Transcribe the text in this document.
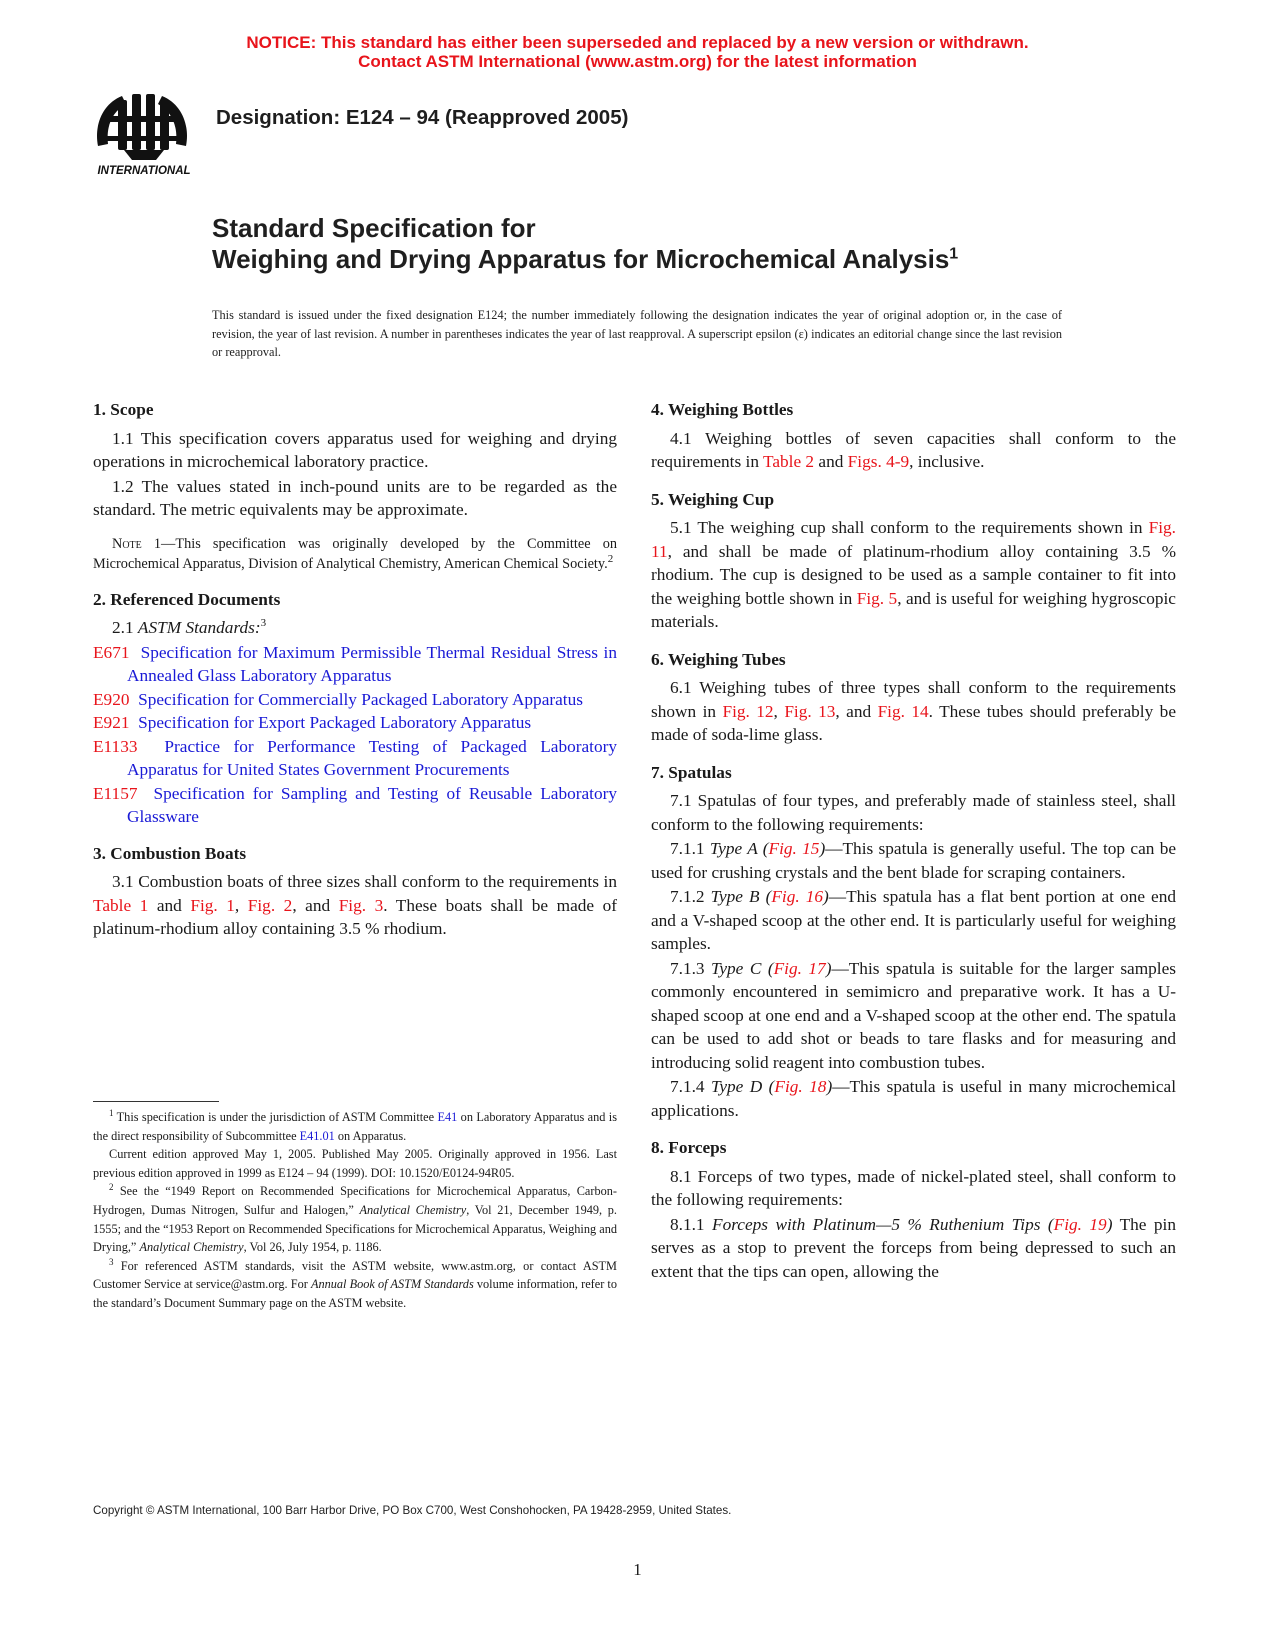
NOTICE: This standard has either been superseded and replaced by a new version or withdrawn.
Contact ASTM International (www.astm.org) for the latest information
INTERNATIONAL
Designation: E124 – 94 (Reapproved 2005)
Standard Specification for
Weighing and Drying Apparatus for Microchemical Analysis$^1$
This standard is issued under the fixed designation E124; the number immediately following the designation indicates the year of original adoption or, in the case of revision, the year of last revision. A number in parentheses indicates the year of last reapproval. A superscript epsilon (ε) indicates an editorial change since the last revision or reapproval.
1. Scope
1.1 This specification covers apparatus used for weighing and drying operations in microchemical laboratory practice.
1.2 The values stated in inch-pound units are to be regarded as the standard. The metric equivalents may be approximate.
Note 1—This specification was originally developed by the Committee on Microchemical Apparatus, Division of Analytical Chemistry, American Chemical Society.$^2$
2. Referenced Documents
2.1 ASTM Standards:$^3$
E671 Specification for Maximum Permissible Thermal Residual Stress in Annealed Glass Laboratory Apparatus
E920 Specification for Commercially Packaged Laboratory Apparatus
E921 Specification for Export Packaged Laboratory Apparatus
E1133 Practice for Performance Testing of Packaged Laboratory Apparatus for United States Government Procurements
E1157 Specification for Sampling and Testing of Reusable Laboratory Glassware
3. Combustion Boats
3.1 Combustion boats of three sizes shall conform to the requirements in Table 1 and Fig. 1, Fig. 2, and Fig. 3. These boats shall be made of platinum-rhodium alloy containing 3.5 % rhodium.
4. Weighing Bottles
4.1 Weighing bottles of seven capacities shall conform to the requirements in Table 2 and Figs. 4-9, inclusive.
5. Weighing Cup
5.1 The weighing cup shall conform to the requirements shown in Fig. 11, and shall be made of platinum-rhodium alloy containing 3.5 % rhodium. The cup is designed to be used as a sample container to fit into the weighing bottle shown in Fig. 5, and is useful for weighing hygroscopic materials.
6. Weighing Tubes
6.1 Weighing tubes of three types shall conform to the requirements shown in Fig. 12, Fig. 13, and Fig. 14. These tubes should preferably be made of soda-lime glass.
7. Spatulas
7.1 Spatulas of four types, and preferably made of stainless steel, shall conform to the following requirements:
7.1.1 Type A (Fig. 15)—This spatula is generally useful. The top can be used for crushing crystals and the bent blade for scraping containers.
7.1.2 Type B (Fig. 16)—This spatula has a flat bent portion at one end and a V-shaped scoop at the other end. It is particularly useful for weighing samples.
7.1.3 Type C (Fig. 17)—This spatula is suitable for the larger samples commonly encountered in semimicro and preparative work. It has a U-shaped scoop at one end and a V-shaped scoop at the other end. The spatula can be used to add shot or beads to tare flasks and for measuring and introducing solid reagent into combustion tubes.
7.1.4 Type D (Fig. 18)—This spatula is useful in many microchemical applications.
8. Forceps
8.1 Forceps of two types, made of nickel-plated steel, shall conform to the following requirements:
8.1.1 Forceps with Platinum—5 % Ruthenium Tips (Fig. 19) The pin serves as a stop to prevent the forceps from being depressed to such an extent that the tips can open, allowing the
$^1$ This specification is under the jurisdiction of ASTM Committee E41 on Laboratory Apparatus and is the direct responsibility of Subcommittee E41.01 on Apparatus.
Current edition approved May 1, 2005. Published May 2005. Originally approved in 1956. Last previous edition approved in 1999 as E124 – 94 (1999). DOI: 10.1520/E0124-94R05.
$^2$ See the “1949 Report on Recommended Specifications for Microchemical Apparatus, Carbon-Hydrogen, Dumas Nitrogen, Sulfur and Halogen,” Analytical Chemistry, Vol 21, December 1949, p. 1555; and the “1953 Report on Recommended Specifications for Microchemical Apparatus, Weighing and Drying,” Analytical Chemistry, Vol 26, July 1954, p. 1186.
$^3$ For referenced ASTM standards, visit the ASTM website, www.astm.org, or contact ASTM Customer Service at service@astm.org. For Annual Book of ASTM Standards volume information, refer to the standard’s Document Summary page on the ASTM website.
Copyright © ASTM International, 100 Barr Harbor Drive, PO Box C700, West Conshohocken, PA 19428-2959, United States.
1
